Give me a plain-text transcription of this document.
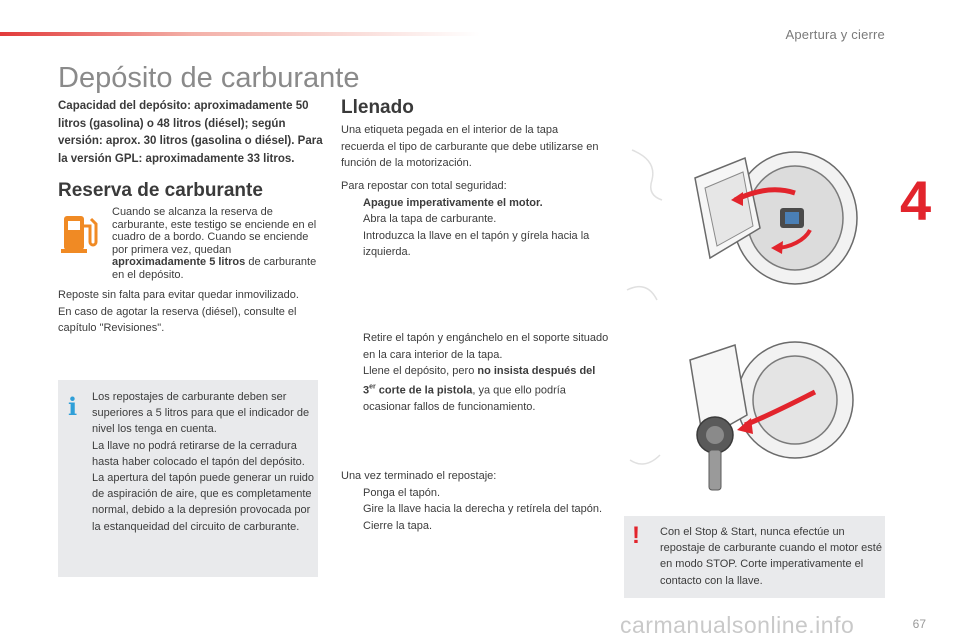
Apertura y cierre
4
Depósito de carburante
Capacidad del depósito: aproximadamente 50 litros (gasolina) o 48 litros (diésel); según versión: aprox. 30 litros (gasolina o diésel). Para la versión GPL: aproximadamente 33 litros.
Reserva de carburante
Cuando se alcanza la reserva de carburante, este testigo se enciende en el cuadro de a bordo. Cuando se enciende por primera vez, quedan aproximadamente 5 litros de carburante en el depósito.
Reposte sin falta para evitar quedar inmovilizado.
En caso de agotar la reserva (diésel), consulte el capítulo "Revisiones".
i Los repostajes de carburante deben ser superiores a 5 litros para que el indicador de nivel los tenga en cuenta.
La llave no podrá retirarse de la cerradura hasta haber colocado el tapón del depósito.
La apertura del tapón puede generar un ruido de aspiración de aire, que es completamente normal, debido a la depresión provocada por la estanqueidad del circuito de carburante.
Llenado
Una etiqueta pegada en el interior de la tapa recuerda el tipo de carburante que debe utilizarse en función de la motorización.
Para repostar con total seguridad:
Apague imperativamente el motor.
Abra la tapa de carburante.
Introduzca la llave en el tapón y gírela hacia la izquierda.
Retire el tapón y engánchelo en el soporte situado en la cara interior de la tapa.
Llene el depósito, pero no insista después del 3er corte de la pistola, ya que ello podría ocasionar fallos de funcionamiento.
Una vez terminado el repostaje:
Ponga el tapón.
Gire la llave hacia la derecha y retírela del tapón.
Cierre la tapa.	! Con el Stop & Start, nunca efectúe un repostaje de carburante cuando el motor esté en modo STOP. Corte imperativamente el contacto con la llave.
carmanualsonline.info	67
